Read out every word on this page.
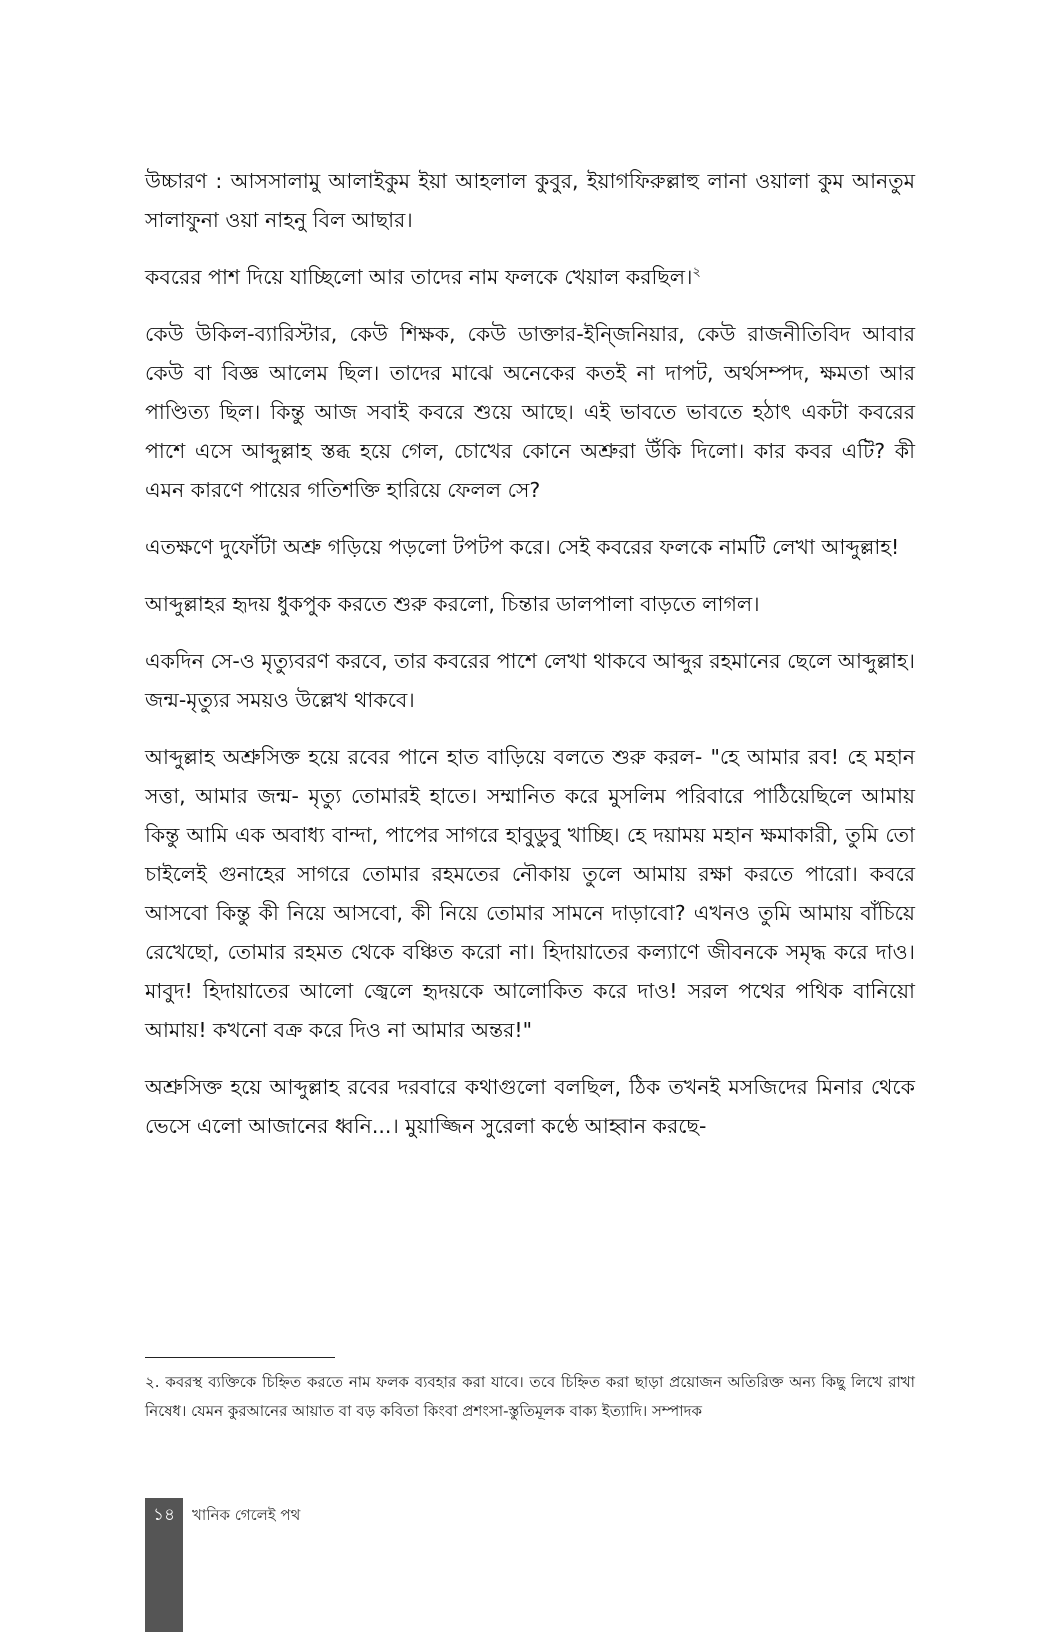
উচ্চারণ : আসসালামু আলাইকুম ইয়া আহলাল কুবুর, ইয়াগফিরুল্লাহু লানা ওয়ালা কুম আনতুম সালাফুনা ওয়া নাহনু বিল আছার।

কবরের পাশ দিয়ে যাচ্ছিলো আর তাদের নাম ফলকে খেয়াল করছিল।$^২$

কেউ উকিল-ব্যারিস্টার, কেউ শিক্ষক, কেউ ডাক্তার-ইন্জিনিয়ার, কেউ রাজনীতিবিদ আবার কেউ বা বিজ্ঞ আলেম ছিল। তাদের মাঝে অনেকের কতই না দাপট, অর্থসম্পদ, ক্ষমতা আর পাণ্ডিত্য ছিল। কিন্তু আজ সবাই কবরে শুয়ে আছে। এই ভাবতে ভাবতে হঠাৎ একটা কবরের পাশে এসে আব্দুল্লাহ স্তব্ধ হয়ে গেল, চোখের কোনে অশ্রুরা উঁকি দিলো। কার কবর এটি? কী এমন কারণে পায়ের গতিশক্তি হারিয়ে ফেলল সে?

এতক্ষণে দুফোঁটা অশ্রু গড়িয়ে পড়লো টপটপ করে। সেই কবরের ফলকে নামটি লেখা আব্দুল্লাহ!

আব্দুল্লাহর হৃদয় ধুকপুক করতে শুরু করলো, চিন্তার ডালপালা বাড়তে লাগল।

একদিন সে-ও মৃত্যুবরণ করবে, তার কবরের পাশে লেখা থাকবে আব্দুর রহমানের ছেলে আব্দুল্লাহ। জন্ম-মৃত্যুর সময়ও উল্লেখ থাকবে।

আব্দুল্লাহ অশ্রুসিক্ত হয়ে রবের পানে হাত বাড়িয়ে বলতে শুরু করল- "হে আমার রব! হে মহান সত্তা, আমার জন্ম- মৃত্যু তোমারই হাতে। সম্মানিত করে মুসলিম পরিবারে পাঠিয়েছিলে আমায় কিন্তু আমি এক অবাধ্য বান্দা, পাপের সাগরে হাবুডুবু খাচ্ছি। হে দয়াময় মহান ক্ষমাকারী, তুমি তো চাইলেই গুনাহের সাগরে তোমার রহমতের নৌকায় তুলে আমায় রক্ষা করতে পারো। কবরে আসবো কিন্তু কী নিয়ে আসবো, কী নিয়ে তোমার সামনে দাড়াবো? এখনও তুমি আমায় বাঁচিয়ে রেখেছো, তোমার রহমত থেকে বঞ্চিত করো না। হিদায়াতের কল্যাণে জীবনকে সমৃদ্ধ করে দাও। মাবুদ! হিদায়াতের আলো জ্বেলে হৃদয়কে আলোকিত করে দাও! সরল পথের পথিক বানিয়ো আমায়! কখনো বক্র করে দিও না আমার অন্তর!"

অশ্রুসিক্ত হয়ে আব্দুল্লাহ রবের দরবারে কথাগুলো বলছিল, ঠিক তখনই মসজিদের মিনার থেকে ভেসে এলো আজানের ধ্বনি...। মুয়াজ্জিন সুরেলা কণ্ঠে আহ্বান করছে-

২. কবরস্থ ব্যক্তিকে চিহ্নিত করতে নাম ফলক ব্যবহার করা যাবে। তবে চিহ্নিত করা ছাড়া প্রয়োজন অতিরিক্ত অন্য কিছু লিখে রাখা নিষেধ। যেমন কুরআনের আয়াত বা বড় কবিতা কিংবা প্রশংসা-স্তুতিমূলক বাক্য ইত্যাদি। সম্পাদক

১৪	খানিক গেলেই পথ
